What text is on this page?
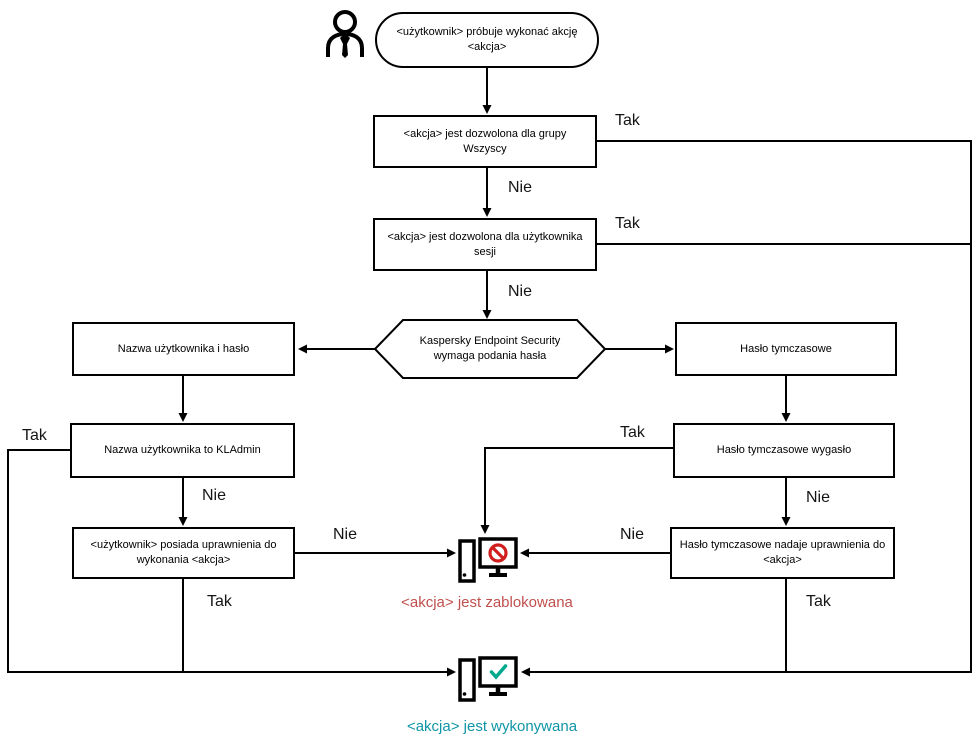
<użytkownik> próbuje wykonać akcję <akcja>
<akcja> jest dozwolona dla grupy Wszyscy
<akcja> jest dozwolona dla użytkownika sesji
Kaspersky Endpoint Security wymaga podania hasła
Nazwa użytkownika i hasło	Hasło tymczasowe
Nazwa użytkownika to KLAdmin
<użytkownik> posiada uprawnienia do wykonania <akcja>
Hasło tymczasowe wygasło
Hasło tymczasowe nadaje uprawnienia do <akcja>
Tak
Nie
Tak
Nie
Tak
Nie
Nie
Tak
Tak
Nie
Nie
Tak
<akcja> jest zablokowana
<akcja> jest wykonywana
